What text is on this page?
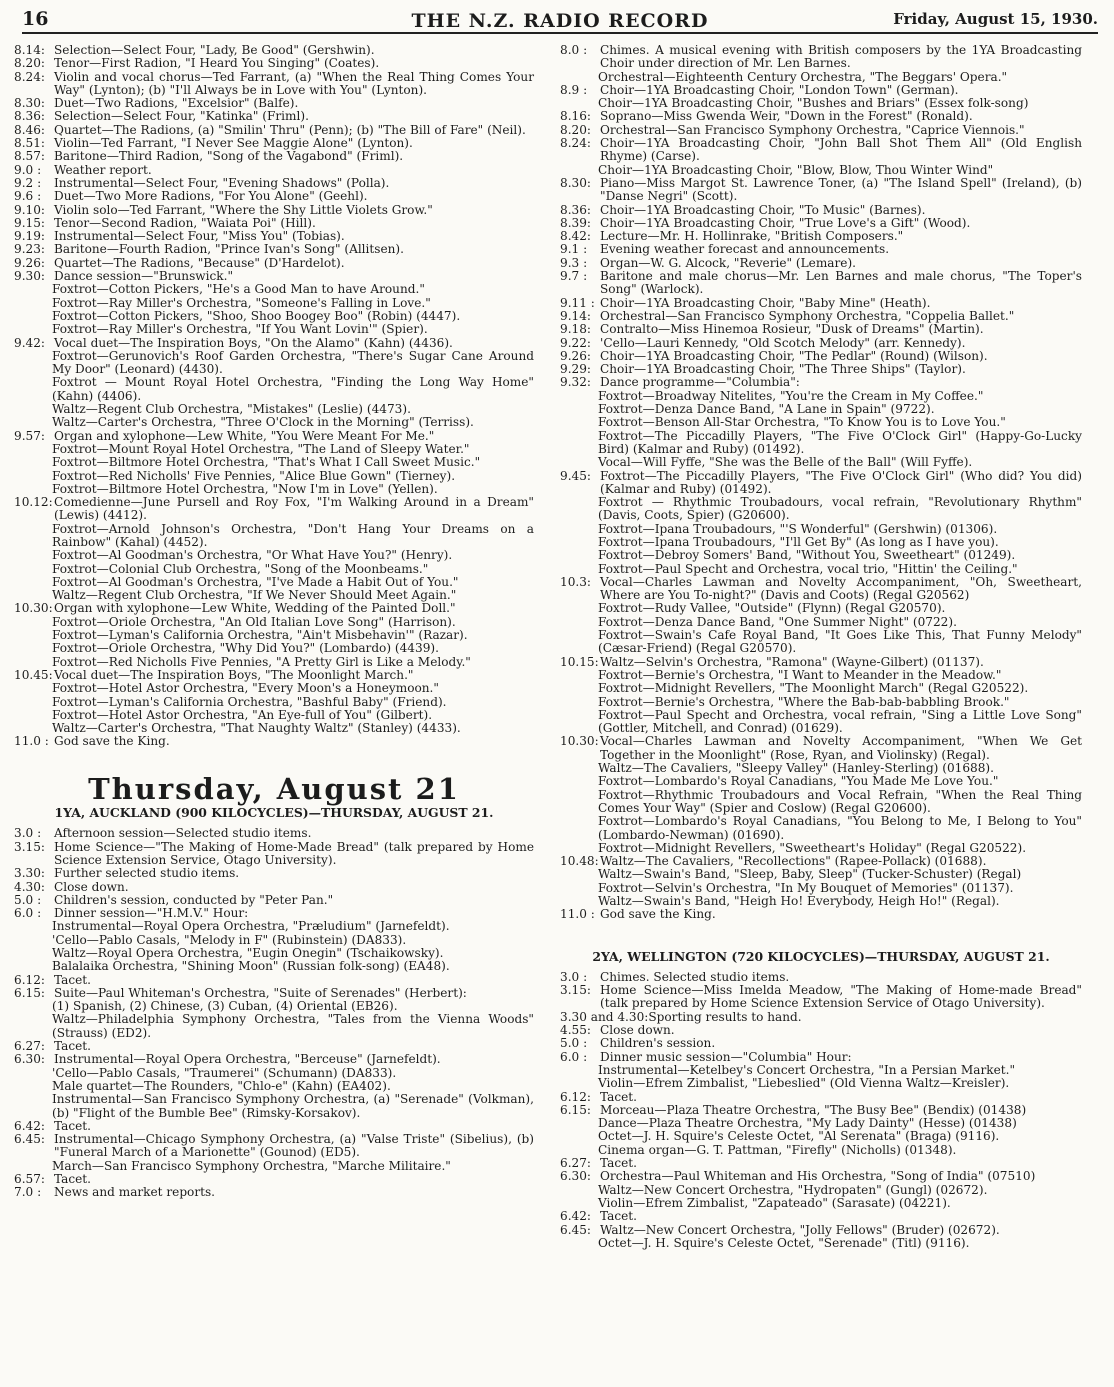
16	THE N.Z. RADIO RECORD	Friday, August 15, 1930.
8.14: Selection—Select Four, "Lady, Be Good" (Gershwin).
8.20: Tenor—First Radion, "I Heard You Singing" (Coates).
8.24: Violin and vocal chorus—Ted Farrant, (a) "When the Real Thing Comes Your Way" (Lynton); (b) "I'll Always be in Love with You" (Lynton).
8.30: Duet—Two Radions, "Excelsior" (Balfe).
8.36: Selection—Select Four, "Katinka" (Friml).
8.46: Quartet—The Radions, (a) "Smilin' Thru" (Penn); (b) "The Bill of Fare" (Neil).
8.51: Violin—Ted Farrant, "I Never See Maggie Alone" (Lynton).
8.57: Baritone—Third Radion, "Song of the Vagabond" (Friml).
9.0 :	Weather report.
9.2 :	Instrumental—Select Four, "Evening Shadows" (Polla).
9.6 :	Duet—Two More Radions, "For You Alone" (Geehl).
9.10: Violin solo—Ted Farrant, "Where the Shy Little Violets Grow."
9.15: Tenor—Second Radion, "Waiata Poi" (Hill).
9.19: Instrumental—Select Four, "Miss You" (Tobias).
9.23: Baritone—Fourth Radion, "Prince Ivan's Song" (Allitsen).
9.26: Quartet—The Radions, "Because" (D'Hardelot).
9.30: Dance session—"Brunswick."
Foxtrot—Cotton Pickers, "He's a Good Man to have Around."
Foxtrot—Ray Miller's Orchestra, "Someone's Falling in Love."
Foxtrot—Cotton Pickers, "Shoo, Shoo Boogey Boo" (Robin) (4447).
Foxtrot—Ray Miller's Orchestra, "If You Want Lovin'" (Spier).
9.42: Vocal duet—The Inspiration Boys, "On the Alamo" (Kahn) (4436).
Foxtrot—Gerunovich's Roof Garden Orchestra, "There's Sugar Cane Around My Door" (Leonard) (4430).
Foxtrot — Mount Royal Hotel Orchestra, "Finding the Long Way Home" (Kahn) (4406).
Waltz—Regent Club Orchestra, "Mistakes" (Leslie) (4473).
Waltz—Carter's Orchestra, "Three O'Clock in the Morning" (Terriss).
9.57: Organ and xylophone—Lew White, "You Were Meant For Me."
Foxtrot—Mount Royal Hotel Orchestra, "The Land of Sleepy Water."
Foxtrot—Biltmore Hotel Orchestra, "That's What I Call Sweet Music."
Foxtrot—Red Nicholls' Five Pennies, "Alice Blue Gown" (Tierney).
Foxtrot—Biltmore Hotel Orchestra, "Now I'm in Love" (Yellen).
10.12: Comedienne—June Pursell and Roy Fox, "I'm Walking Around in a Dream" (Lewis) (4412).
Foxtrot—Arnold Johnson's Orchestra, "Don't Hang Your Dreams on a Rainbow" (Kahal) (4452).
Foxtrot—Al Goodman's Orchestra, "Or What Have You?" (Henry).
Foxtrot—Colonial Club Orchestra, "Song of the Moonbeams."
Foxtrot—Al Goodman's Orchestra, "I've Made a Habit Out of You."
Waltz—Regent Club Orchestra, "If We Never Should Meet Again."
10.30: Organ with xylophone—Lew White, Wedding of the Painted Doll."
Foxtrot—Oriole Orchestra, "An Old Italian Love Song" (Harrison).
Foxtrot—Lyman's California Orchestra, "Ain't Misbehavin'" (Razar).
Foxtrot—Oriole Orchestra, "Why Did You?" (Lombardo) (4439).
Foxtrot—Red Nicholls Five Pennies, "A Pretty Girl is Like a Melody."
10.45: Vocal duet—The Inspiration Boys, "The Moonlight March."
Foxtrot—Hotel Astor Orchestra, "Every Moon's a Honeymoon."
Foxtrot—Lyman's California Orchestra, "Bashful Baby" (Friend).
Foxtrot—Hotel Astor Orchestra, "An Eye-full of You" (Gilbert).
Waltz—Carter's Orchestra, "That Naughty Waltz" (Stanley) (4433).
11.0 : God save the King.
Thursday, August 21
1YA, AUCKLAND (900 KILOCYCLES)—THURSDAY, AUGUST 21.
3.0 :	Afternoon session—Selected studio items.
3.15: Home Science—"The Making of Home-Made Bread" (talk prepared by Home Science Extension Service, Otago University).
3.30: Further selected studio items.
4.30: Close down.
5.0 :	Children's session, conducted by "Peter Pan."
6.0 :	Dinner session—"H.M.V." Hour:
Instrumental—Royal Opera Orchestra, "Præludium" (Jarnefeldt).
'Cello—Pablo Casals, "Melody in F" (Rubinstein) (DA833).
Waltz—Royal Opera Orchestra, "Eugin Onegin" (Tschaikowsky).
Balalaika Orchestra, "Shining Moon" (Russian folk-song) (EA48).
6.12: Tacet.
6.15: Suite—Paul Whiteman's Orchestra, "Suite of Serenades" (Herbert):
(1) Spanish, (2) Chinese, (3) Cuban, (4) Oriental (EB26).
Waltz—Philadelphia Symphony Orchestra, "Tales from the Vienna Woods" (Strauss) (ED2).
6.27: Tacet.
6.30: Instrumental—Royal Opera Orchestra, "Berceuse" (Jarnefeldt).
'Cello—Pablo Casals, "Traumerei" (Schumann) (DA833).
Male quartet—The Rounders, "Chlo-e" (Kahn) (EA402).
Instrumental—San Francisco Symphony Orchestra, (a) "Serenade" (Volkman), (b) "Flight of the Bumble Bee" (Rimsky-Korsakov).
6.42: Tacet.
6.45: Instrumental—Chicago Symphony Orchestra, (a) "Valse Triste" (Sibelius), (b) "Funeral March of a Marionette" (Gounod) (ED5).
March—San Francisco Symphony Orchestra, "Marche Militaire."
6.57: Tacet.
7.0 :	News and market reports.
8.0 :	Chimes. A musical evening with British composers by the 1YA Broadcasting Choir under direction of Mr. Len Barnes.
Orchestral—Eighteenth Century Orchestra, "The Beggars' Opera."
8.9 :	Choir—1YA Broadcasting Choir, "London Town" (German).
Choir—1YA Broadcasting Choir, "Bushes and Briars" (Essex folk-song)
8.16: Soprano—Miss Gwenda Weir, "Down in the Forest" (Ronald).
8.20: Orchestral—San Francisco Symphony Orchestra, "Caprice Viennois."
8.24: Choir—1YA Broadcasting Choir, "John Ball Shot Them All" (Old English Rhyme) (Carse).
Choir—1YA Broadcasting Choir, "Blow, Blow, Thou Winter Wind"
8.30: Piano—Miss Margot St. Lawrence Toner, (a) "The Island Spell" (Ireland), (b) "Danse Negri" (Scott).
8.36: Choir—1YA Broadcasting Choir, "To Music" (Barnes).
8.39: Choir—1YA Broadcasting Choir, "True Love's a Gift" (Wood).
8.42: Lecture—Mr. H. Hollinrake, "British Composers."
9.1 :	Evening weather forecast and announcements.
9.3 :	Organ—W. G. Alcock, "Reverie" (Lemare).
9.7 :	Baritone and male chorus—Mr. Len Barnes and male chorus, "The Toper's Song" (Warlock).
9.11 : Choir—1YA Broadcasting Choir, "Baby Mine" (Heath).
9.14: Orchestral—San Francisco Symphony Orchestra, "Coppelia Ballet."
9.18: Contralto—Miss Hinemoa Rosieur, "Dusk of Dreams" (Martin).
9.22: 'Cello—Lauri Kennedy, "Old Scotch Melody" (arr. Kennedy).
9.26: Choir—1YA Broadcasting Choir, "The Pedlar" (Round) (Wilson).
9.29: Choir—1YA Broadcasting Choir, "The Three Ships" (Taylor).
9.32: Dance programme—"Columbia":
Foxtrot—Broadway Nitelites, "You're the Cream in My Coffee."
Foxtrot—Denza Dance Band, "A Lane in Spain" (9722).
Foxtrot—Benson All-Star Orchestra, "To Know You is to Love You."
Foxtrot—The Piccadilly Players, "The Five O'Clock Girl" (Happy-Go-Lucky Bird) (Kalmar and Ruby) (01492).
Vocal—Will Fyffe, "She was the Belle of the Ball" (Will Fyffe).
9.45: Foxtrot—The Piccadilly Players, "The Five O'Clock Girl" (Who did? You did) (Kalmar and Ruby) (01492).
Foxtrot — Rhythmic Troubadours, vocal refrain, "Revolutionary Rhythm" (Davis, Coots, Spier) (G20600).
Foxtrot—Ipana Troubadours, "'S Wonderful" (Gershwin) (01306).
Foxtrot—Ipana Troubadours, "I'll Get By" (As long as I have you).
Foxtrot—Debroy Somers' Band, "Without You, Sweetheart" (01249).
Foxtrot—Paul Specht and Orchestra, vocal trio, "Hittin' the Ceiling."
10.3: Vocal—Charles Lawman and Novelty Accompaniment, "Oh, Sweetheart, Where are You To-night?" (Davis and Coots) (Regal G20562)
Foxtrot—Rudy Vallee, "Outside" (Flynn) (Regal G20570).
Foxtrot—Denza Dance Band, "One Summer Night" (0722).
Foxtrot—Swain's Cafe Royal Band, "It Goes Like This, That Funny Melody" (Cæsar-Friend) (Regal G20570).
10.15: Waltz—Selvin's Orchestra, "Ramona" (Wayne-Gilbert) (01137).
Foxtrot—Bernie's Orchestra, "I Want to Meander in the Meadow."
Foxtrot—Midnight Revellers, "The Moonlight March" (Regal G20522).
Foxtrot—Bernie's Orchestra, "Where the Bab-bab-babbling Brook."
Foxtrot—Paul Specht and Orchestra, vocal refrain, "Sing a Little Love Song" (Gottler, Mitchell, and Conrad) (01629).
10.30: Vocal—Charles Lawman and Novelty Accompaniment, "When We Get Together in the Moonlight" (Rose, Ryan, and Violinsky) (Regal).
Waltz—The Cavaliers, "Sleepy Valley" (Hanley-Sterling) (01688).
Foxtrot—Lombardo's Royal Canadians, "You Made Me Love You."
Foxtrot—Rhythmic Troubadours and Vocal Refrain, "When the Real Thing Comes Your Way" (Spier and Coslow) (Regal G20600).
Foxtrot—Lombardo's Royal Canadians, "You Belong to Me, I Belong to You" (Lombardo-Newman) (01690).
Foxtrot—Midnight Revellers, "Sweetheart's Holiday" (Regal G20522).
10.48: Waltz—The Cavaliers, "Recollections" (Rapee-Pollack) (01688).
Waltz—Swain's Band, "Sleep, Baby, Sleep" (Tucker-Schuster) (Regal)
Foxtrot—Selvin's Orchestra, "In My Bouquet of Memories" (01137).
Waltz—Swain's Band, "Heigh Ho! Everybody, Heigh Ho!" (Regal).
11.0 : God save the King.
2YA, WELLINGTON (720 KILOCYCLES)—THURSDAY, AUGUST 21.
3.0 :	Chimes. Selected studio items.
3.15: Home Science—Miss Imelda Meadow, "The Making of Home-made Bread" (talk prepared by Home Science Extension Service of Otago University).
3.30 and 4.30: Sporting results to hand.
4.55: Close down.
5.0 :	Children's session.
6.0 :	Dinner music session—"Columbia" Hour:
Instrumental—Ketelbey's Concert Orchestra, "In a Persian Market."
Violin—Efrem Zimbalist, "Liebeslied" (Old Vienna Waltz—Kreisler).
6.12: Tacet.
6.15: Morceau—Plaza Theatre Orchestra, "The Busy Bee" (Bendix) (01438)
Dance—Plaza Theatre Orchestra, "My Lady Dainty" (Hesse) (01438)
Octet—J. H. Squire's Celeste Octet, "Al Serenata" (Braga) (9116).
Cinema organ—G. T. Pattman, "Firefly" (Nicholls) (01348).
6.27: Tacet.
6.30: Orchestra—Paul Whiteman and His Orchestra, "Song of India" (07510)
Waltz—New Concert Orchestra, "Hydropaten" (Gungl) (02672).
Violin—Efrem Zimbalist, "Zapateado" (Sarasate) (04221).
6.42: Tacet.
6.45: Waltz—New Concert Orchestra, "Jolly Fellows" (Bruder) (02672).
Octet—J. H. Squire's Celeste Octet, "Serenade" (Titl) (9116).
